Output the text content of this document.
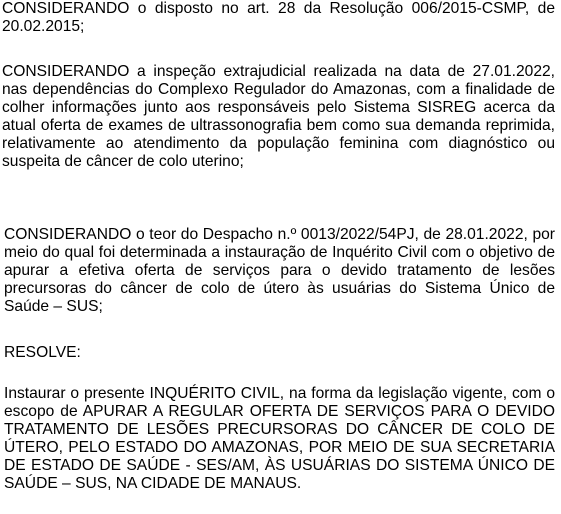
CONSIDERANDO o disposto no art. 28 da Resolução 006/2015-CSMP, de 20.02.2015;

CONSIDERANDO a inspeção extrajudicial realizada na data de 27.01.2022, nas dependências do Complexo Regulador do Amazonas, com a finalidade de colher informações junto aos responsáveis pelo Sistema SISREG acerca da atual oferta de exames de ultrassonografia bem como sua demanda reprimida, relativamente ao atendimento da população feminina com diagnóstico ou suspeita de câncer de colo uterino;

CONSIDERANDO o teor do Despacho n.º 0013/2022/54PJ, de 28.01.2022, por meio do qual foi determinada a instauração de Inquérito Civil com o objetivo de apurar a efetiva oferta de serviços para o devido tratamento de lesões precursoras do câncer de colo de útero às usuárias do Sistema Único de Saúde – SUS;

RESOLVE:

Instaurar o presente INQUÉRITO CIVIL, na forma da legislação vigente, com o escopo de APURAR A REGULAR OFERTA DE SERVIÇOS PARA O DEVIDO TRATAMENTO DE LESÕES PRECURSORAS DO CÂNCER DE COLO DE ÚTERO, PELO ESTADO DO AMAZONAS, POR MEIO DE SUA SECRETARIA DE ESTADO DE SAÚDE - SES/AM, ÀS USUÁRIAS DO SISTEMA ÚNICO DE SAÚDE – SUS, NA CIDADE DE MANAUS.
